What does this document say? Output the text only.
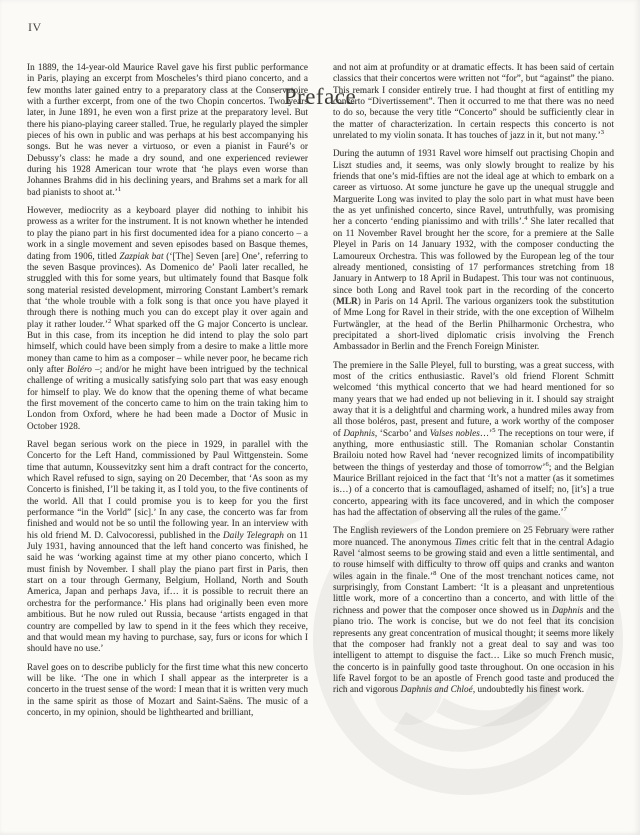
IV
Preface

In 1889, the 14-year-old Maurice Ravel gave his first public performance in Paris, playing an excerpt from Moscheles’s third piano concerto, and a few months later gained entry to a preparatory class at the Conservatoire with a further excerpt, from one of the two Chopin concertos. Two years later, in June 1891, he even won a first prize at the preparatory level. But there his piano-playing career stalled. True, he regularly played the simpler pieces of his own in public and was perhaps at his best accompanying his songs. But he was never a virtuoso, or even a pianist in Fauré’s or Debussy’s class: he made a dry sound, and one experienced reviewer during his 1928 American tour wrote that ‘he plays even worse than Johannes Brahms did in his declining years, and Brahms set a mark for all bad pianists to shoot at.’$^1$

However, mediocrity as a keyboard player did nothing to inhibit his prowess as a writer for the instrument. It is not known whether he intended to play the piano part in his first documented idea for a piano concerto – a work in a single movement and seven episodes based on Basque themes, dating from 1906, titled Zazpiak bat (‘[The] Seven [are] One’, referring to the seven Basque provinces). As Domenico de’ Paoli later recalled, he struggled with this for some years, but ultimately found that Basque folk song material resisted development, mirroring Constant Lambert’s remark that ‘the whole trouble with a folk song is that once you have played it through there is nothing much you can do except play it over again and play it rather louder.’$^2$ What sparked off the G major Concerto is unclear. But in this case, from its inception he did intend to play the solo part himself, which could have been simply from a desire to make a little more money than came to him as a composer – while never poor, he became rich only after Boléro –; and/or he might have been intrigued by the technical challenge of writing a musically satisfying solo part that was easy enough for himself to play. We do know that the opening theme of what became the first movement of the concerto came to him on the train taking him to London from Oxford, where he had been made a Doctor of Music in October 1928.

Ravel began serious work on the piece in 1929, in parallel with the Concerto for the Left Hand, commissioned by Paul Wittgenstein. Some time that autumn, Koussevitzky sent him a draft contract for the concerto, which Ravel refused to sign, saying on 20 December, that ‘As soon as my Concerto is finished, I’ll be taking it, as I told you, to the five continents of the world. All that I could promise you is to keep for you the first performance “in the Vorld” [sic].’ In any case, the concerto was far from finished and would not be so until the following year. In an interview with his old friend M. D. Calvocoressi, published in the Daily Telegraph on 11 July 1931, having announced that the left hand concerto was finished, he said he was ‘working against time at my other piano concerto, which I must finish by November. I shall play the piano part first in Paris, then start on a tour through Germany, Belgium, Holland, North and South America, Japan and perhaps Java, if… it is possible to recruit there an orchestra for the performance.’ His plans had originally been even more ambitious. But he now ruled out Russia, because ‘artists engaged in that country are compelled by law to spend in it the fees which they receive, and that would mean my having to purchase, say, furs or icons for which I should have no use.’

Ravel goes on to describe publicly for the first time what this new concerto will be like. ‘The one in which I shall appear as the interpreter is a concerto in the truest sense of the word: I mean that it is written very much in the same spirit as those of Mozart and Saint-Saëns. The music of a concerto, in my opinion, should be lighthearted and brilliant,

and not aim at profundity or at dramatic effects. It has been said of certain classics that their concertos were written not “for”, but “against” the piano. This remark I consider entirely true. I had thought at first of entitling my concerto “Divertissement”. Then it occurred to me that there was no need to do so, because the very title “Concerto” should be sufficiently clear in the matter of characterization. In certain respects this concerto is not unrelated to my violin sonata. It has touches of jazz in it, but not many.’$^3$

During the autumn of 1931 Ravel wore himself out practising Chopin and Liszt studies and, it seems, was only slowly brought to realize by his friends that one’s mid-fifties are not the ideal age at which to embark on a career as virtuoso. At some juncture he gave up the unequal struggle and Marguerite Long was invited to play the solo part in what must have been the as yet unfinished concerto, since Ravel, untruthfully, was promising her a concerto ‘ending pianissimo and with trills’.$^4$ She later recalled that on 11 November Ravel brought her the score, for a premiere at the Salle Pleyel in Paris on 14 January 1932, with the composer conducting the Lamoureux Orchestra. This was followed by the European leg of the tour already mentioned, consisting of 17 performances stretching from 18 January in Antwerp to 18 April in Budapest. This tour was not continuous, since both Long and Ravel took part in the recording of the concerto (MLR) in Paris on 14 April. The various organizers took the substitution of Mme Long for Ravel in their stride, with the one exception of Wilhelm Furtwängler, at the head of the Berlin Philharmonic Orchestra, who precipitated a short-lived diplomatic crisis involving the French Ambassador in Berlin and the French Foreign Minister.

The premiere in the Salle Pleyel, full to bursting, was a great success, with most of the critics enthusiastic. Ravel’s old friend Florent Schmitt welcomed ‘this mythical concerto that we had heard mentioned for so many years that we had ended up not believing in it. I should say straight away that it is a delightful and charming work, a hundred miles away from all those boléros, past, present and future, a work worthy of the composer of Daphnis, ‘Scarbo’ and Valses nobles…’$^5$ The receptions on tour were, if anything, more enthusiastic still. The Romanian scholar Constantin Brailoiu noted how Ravel had ‘never recognized limits of incompatibility between the things of yesterday and those of tomorrow’$^6$; and the Belgian Maurice Brillant rejoiced in the fact that ‘It’s not a matter (as it sometimes is…) of a concerto that is camouflaged, ashamed of itself; no, [it’s] a true concerto, appearing with its face uncovered, and in which the composer has had the affectation of observing all the rules of the game.’$^7$

The English reviewers of the London premiere on 25 February were rather more nuanced. The anonymous Times critic felt that in the central Adagio Ravel ‘almost seems to be growing staid and even a little sentimental, and to rouse himself with difficulty to throw off quips and cranks and wanton wiles again in the finale.’$^8$ One of the most trenchant notices came, not surprisingly, from Constant Lambert: ‘It is a pleasant and unpretentious little work, more of a concertino than a concerto, and with little of the richness and power that the composer once showed us in Daphnis and the piano trio. The work is concise, but we do not feel that its concision represents any great concentration of musical thought; it seems more likely that the composer had frankly not a great deal to say and was too intelligent to attempt to disguise the fact… Like so much French music, the concerto is in painfully good taste throughout. On one occasion in his life Ravel forgot to be an apostle of French good taste and produced the rich and vigorous Daphnis and Chloé, undoubtedly his finest work.
